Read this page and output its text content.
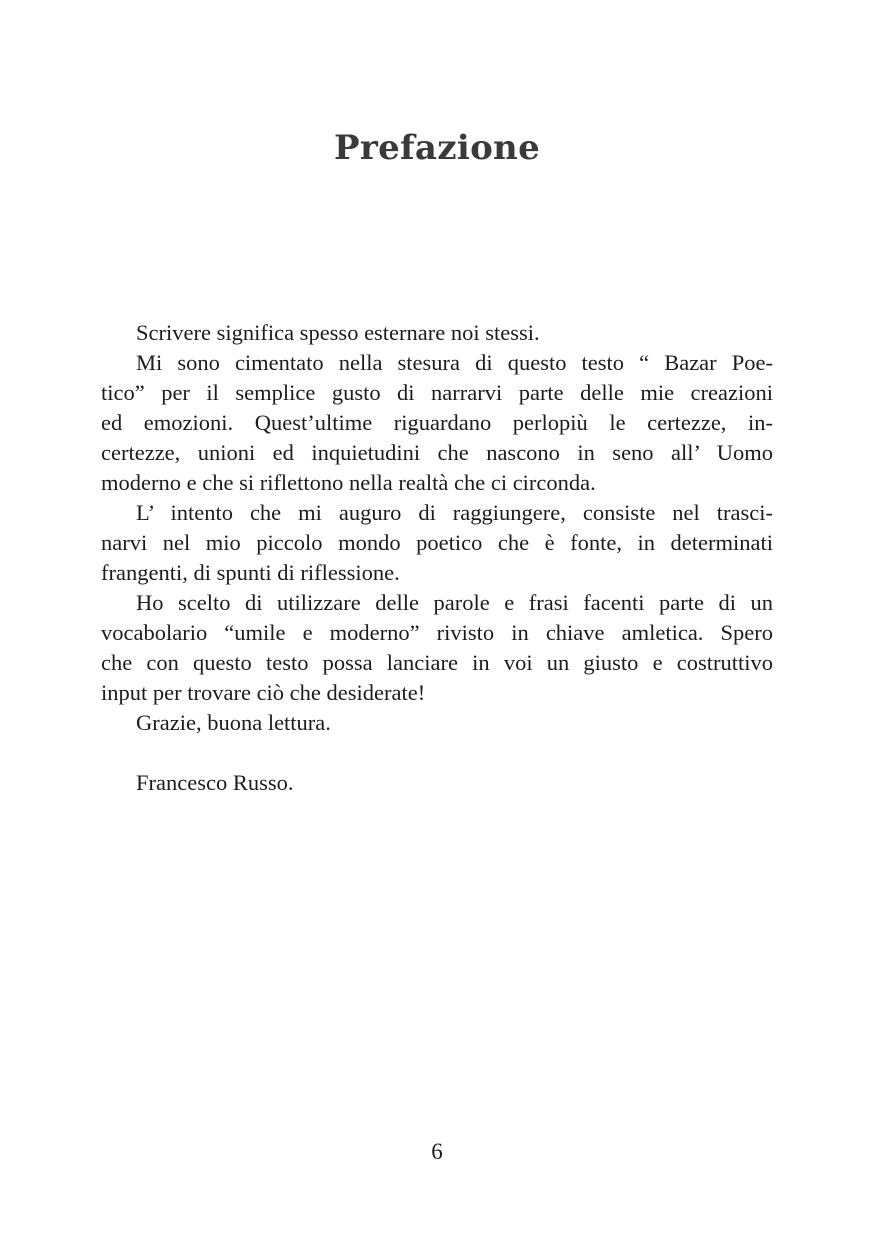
Prefazione
Scrivere significa spesso esternare noi stessi.
Mi sono cimentato nella stesura di questo testo “ Bazar Poe-
tico” per il semplice gusto di narrarvi parte delle mie creazioni
ed emozioni. Quest’ultime riguardano perlopiù le certezze, in-
certezze, unioni ed inquietudini che nascono in seno all’ Uomo
moderno e che si riflettono nella realtà che ci circonda.
L’ intento che mi auguro di raggiungere, consiste nel trasci-
narvi nel mio piccolo mondo poetico che è fonte, in determinati
frangenti, di spunti di riflessione.
Ho scelto di utilizzare delle parole e frasi facenti parte di un
vocabolario “umile e moderno” rivisto in chiave amletica. Spero
che con questo testo possa lanciare in voi un giusto e costruttivo
input per trovare ciò che desiderate!
Grazie, buona lettura.

Francesco Russo.

6
